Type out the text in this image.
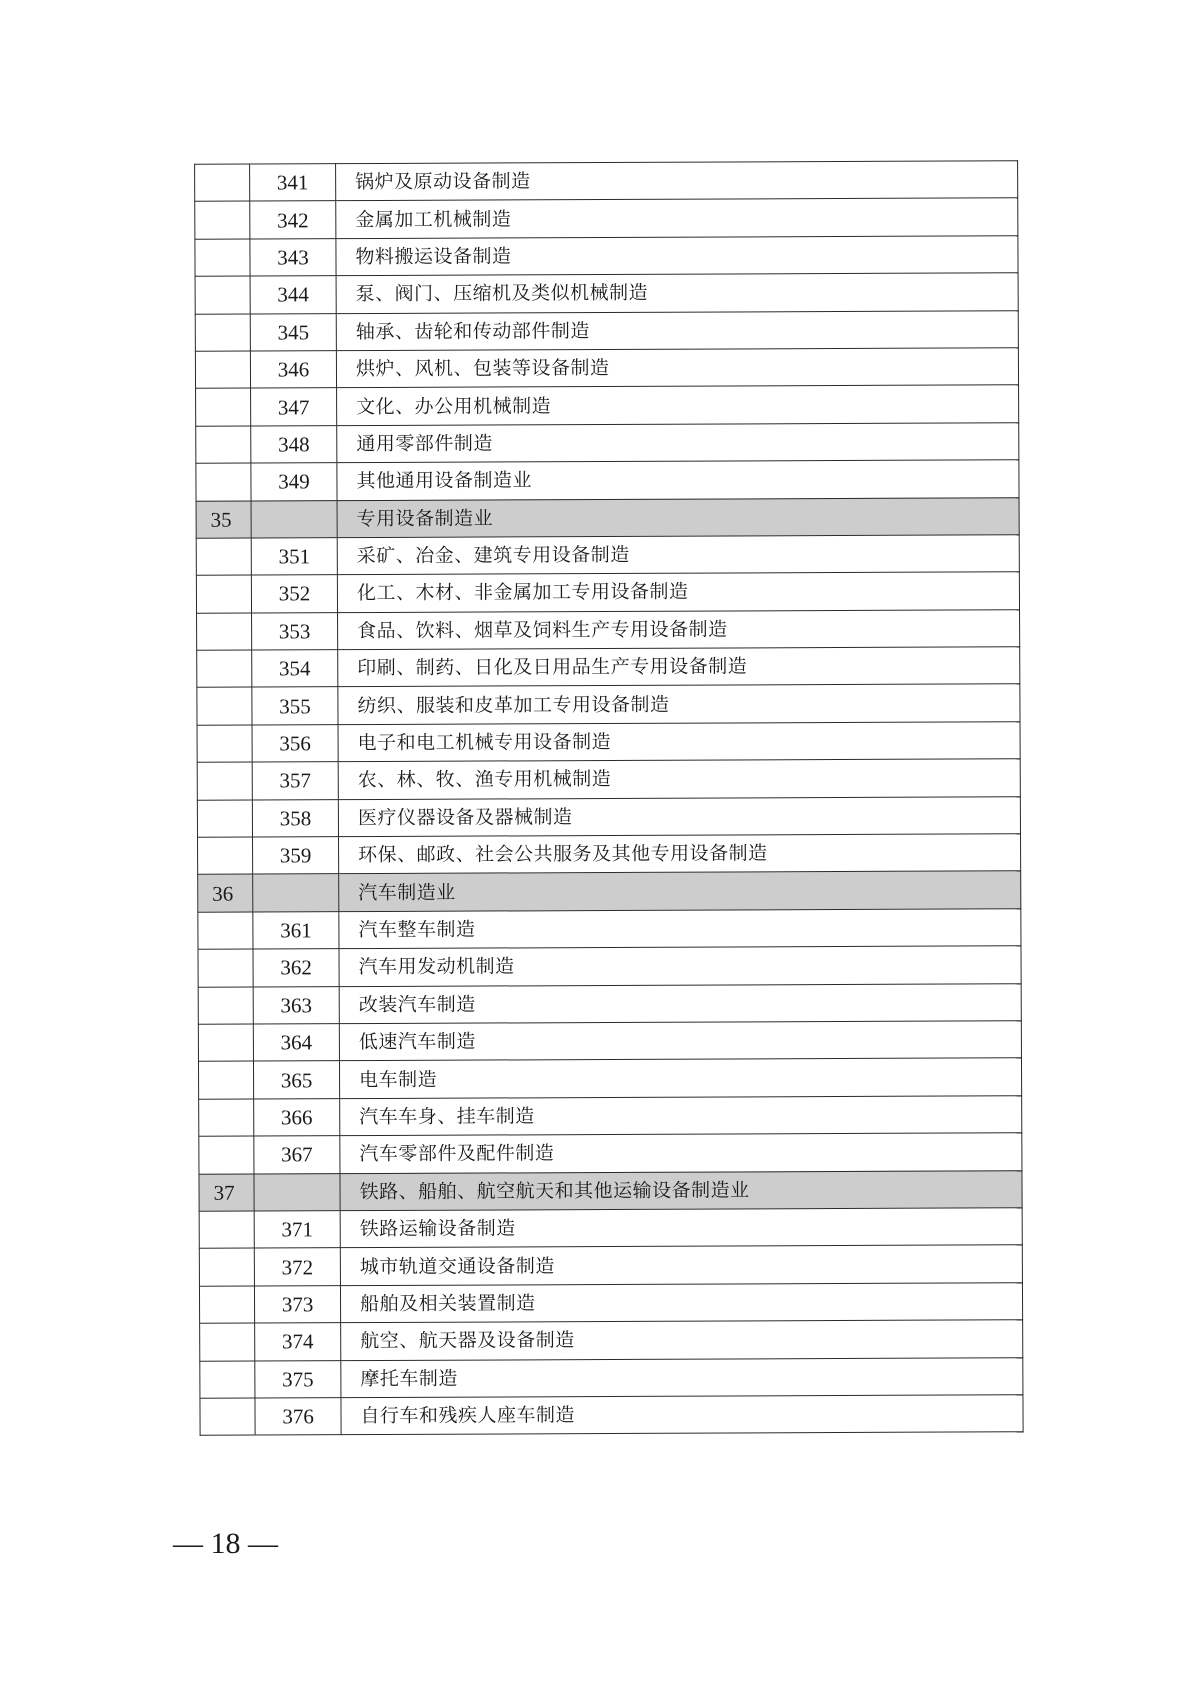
	341	锅炉及原动设备制造
	342	金属加工机械制造
	343	物料搬运设备制造
	344	泵、阀门、压缩机及类似机械制造
	345	轴承、齿轮和传动部件制造
	346	烘炉、风机、包装等设备制造
	347	文化、办公用机械制造
	348	通用零部件制造
	349	其他通用设备制造业
35		专用设备制造业
	351	采矿、冶金、建筑专用设备制造
	352	化工、木材、非金属加工专用设备制造
	353	食品、饮料、烟草及饲料生产专用设备制造
	354	印刷、制药、日化及日用品生产专用设备制造
	355	纺织、服装和皮革加工专用设备制造
	356	电子和电工机械专用设备制造
	357	农、林、牧、渔专用机械制造
	358	医疗仪器设备及器械制造
	359	环保、邮政、社会公共服务及其他专用设备制造
36		汽车制造业
	361	汽车整车制造
	362	汽车用发动机制造
	363	改装汽车制造
	364	低速汽车制造
	365	电车制造
	366	汽车车身、挂车制造
	367	汽车零部件及配件制造
37		铁路、船舶、航空航天和其他运输设备制造业
	371	铁路运输设备制造
	372	城市轨道交通设备制造
	373	船舶及相关装置制造
	374	航空、航天器及设备制造
	375	摩托车制造
	376	自行车和残疾人座车制造
— 18 —
